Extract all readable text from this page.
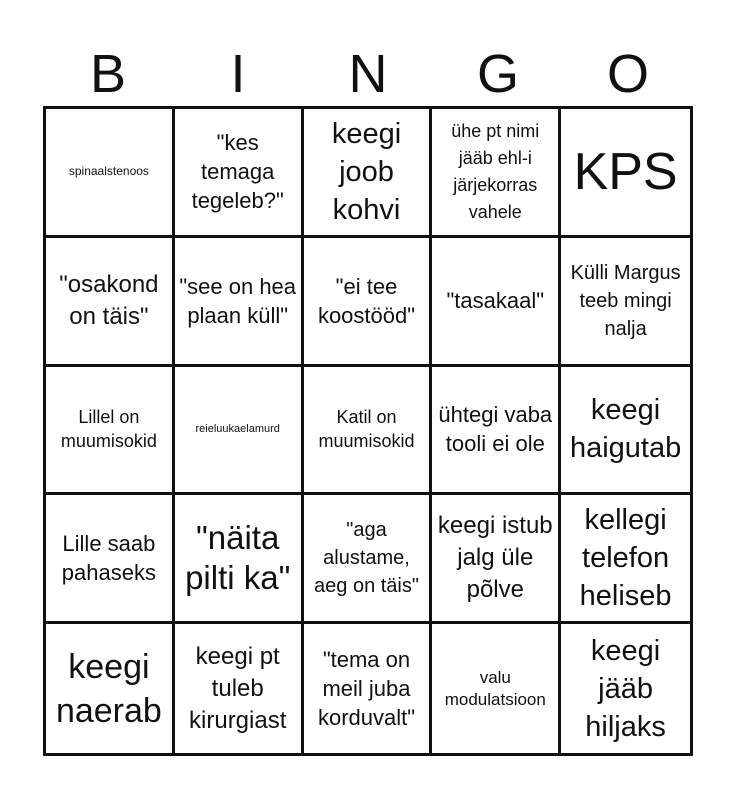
B	I	N	G	O
spinaalstenoos
"kes temaga tegeleb?"
keegi joob kohvi
ühe pt nimi jääb ehl-i järjekorras vahele
KPS
"osakond on täis"
"see on hea plaan küll"
"ei tee koostööd"
"tasakaal"
Külli Margus teeb mingi nalja
Lillel on muumisokid
reieluukaelamurd
Katil on muumisokid
ühtegi vaba tooli ei ole
keegi haigutab
Lille saab pahaseks
"näita pilti ka"
"aga alustame, aeg on täis"
keegi istub jalg üle põlve
kellegi telefon heliseb
keegi naerab
keegi pt tuleb kirurgiast
"tema on meil juba korduvalt"
valu modulatsioon
keegi jääb hiljaks
